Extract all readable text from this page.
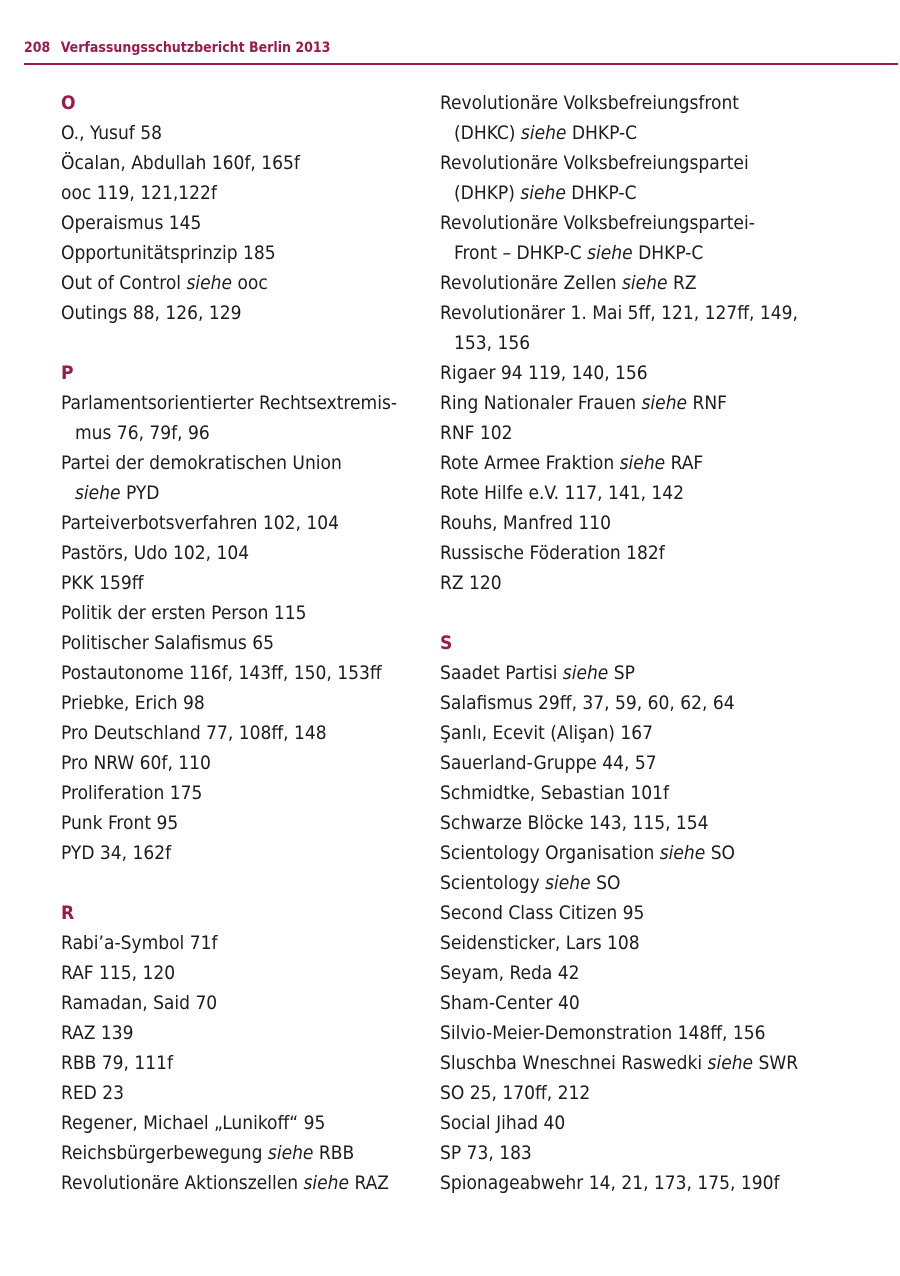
208 Verfassungsschutzbericht Berlin 2013
O
O., Yusuf 58
Öcalan, Abdullah 160f, 165f
ooc 119, 121,122f
Operaismus 145
Opportunitätsprinzip 185
Out of Control siehe ooc
Outings 88, 126, 129
P
Parlamentsorientierter Rechtsextremis-
mus 76, 79f, 96
Partei der demokratischen Union
siehe PYD
Parteiverbotsverfahren 102, 104
Pastörs, Udo 102, 104
PKK 159ff
Politik der ersten Person 115
Politischer Salafismus 65
Postautonome 116f, 143ff, 150, 153ff
Priebke, Erich 98
Pro Deutschland 77, 108ff, 148
Pro NRW 60f, 110
Proliferation 175
Punk Front 95
PYD 34, 162f
R
Rabi’a-Symbol 71f
RAF 115, 120
Ramadan, Said 70
RAZ 139
RBB 79, 111f
RED 23
Regener, Michael „Lunikoff“ 95
Reichsbürgerbewegung siehe RBB
Revolutionäre Aktionszellen siehe RAZ
Revolutionäre Volksbefreiungsfront
(DHKC) siehe DHKP-C
Revolutionäre Volksbefreiungspartei
(DHKP) siehe DHKP-C
Revolutionäre Volksbefreiungspartei-
Front – DHKP-C siehe DHKP-C
Revolutionäre Zellen siehe RZ
Revolutionärer 1. Mai 5ff, 121, 127ff, 149,
153, 156
Rigaer 94 119, 140, 156
Ring Nationaler Frauen siehe RNF
RNF 102
Rote Armee Fraktion siehe RAF
Rote Hilfe e.V. 117, 141, 142
Rouhs, Manfred 110
Russische Föderation 182f
RZ 120
S
Saadet Partisi siehe SP
Salafismus 29ff, 37, 59, 60, 62, 64
Şanlı, Ecevit (Alişan) 167
Sauerland-Gruppe 44, 57
Schmidtke, Sebastian 101f
Schwarze Blöcke 143, 115, 154
Scientology Organisation siehe SO
Scientology siehe SO
Second Class Citizen 95
Seidensticker, Lars 108
Seyam, Reda 42
Sham-Center 40
Silvio-Meier-Demonstration 148ff, 156
Sluschba Wneschnei Raswedki siehe SWR
SO 25, 170ff, 212
Social Jihad 40
SP 73, 183
Spionageabwehr 14, 21, 173, 175, 190f
